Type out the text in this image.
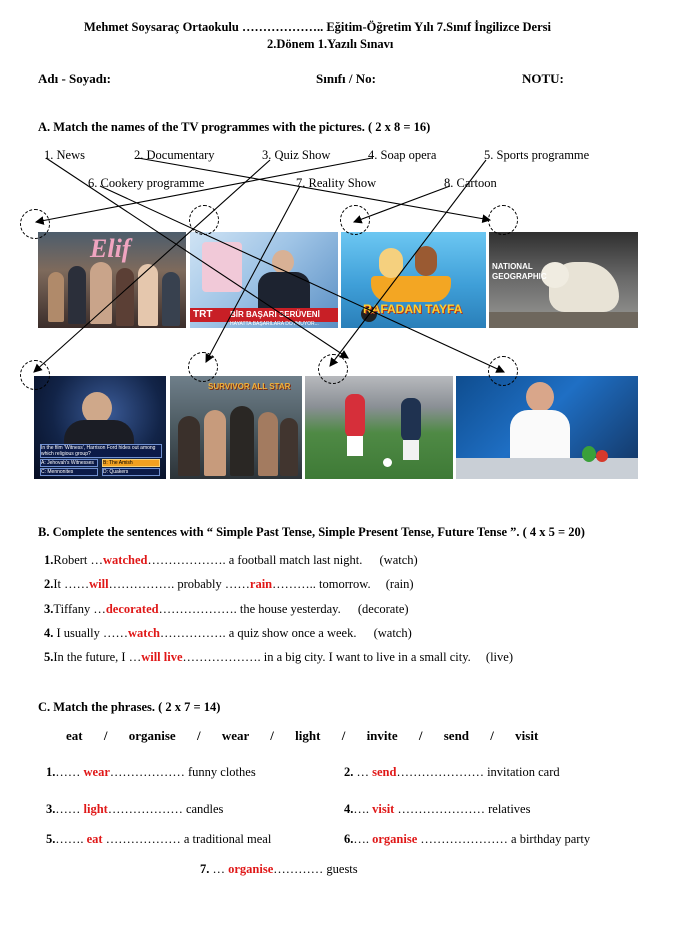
Mehmet Soysaraç Ortaokulu ……………….. Eğitim-Öğretim Yılı 7.Sınıf İngilizce Dersi
2.Dönem 1.Yazılı Sınavı
Adı - Soyadı:	Sınıfı / No:	NOTU:
A. Match the names of the TV programmes with the pictures. ( 2 x 8 = 16)
1. News	2. Documentary	3. Quiz Show	4. Soap opera	5. Sports programme
6. Cookery programme	7. Reality Show	8. Cartoon
Elif
TRT BİR BAŞARI SERÜVENİ
HAYATTA BAŞARILARA DOYMUYOR...
RAFADAN TAYFA
NATIONAL GEOGRAPHIC
In the film 'Witness', Harrison Ford hides out among which religious group?
A: Jehovah's Witnesses	B: The Amish
C: Mennonites	D: Quakers
SURVIVOR ALL STAR
B. Complete the sentences with “ Simple Past Tense, Simple Present Tense, Future Tense ”. ( 4 x 5 = 20)
1.Robert …watched………………. a football match last night. (watch)
2.It ……will……………. probably ……rain……….. tomorrow. (rain)
3.Tiffany …decorated………………. the house yesterday. (decorate)
4. I usually ……watch……………. a quiz show once a week. (watch)
5.In the future, I …will live………………. in a big city. I want to live in a small city. (live)
C. Match the phrases. ( 2 x 7 = 14)
eat / organise / wear / light / invite / send / visit
1.…… wear……………… funny clothes	2. … send………………… invitation card
3.…… light……………… candles	4.…. visit ………………… relatives
5.……. eat ……………… a traditional meal	6.…. organise ………………… a birthday party
7. … organise………… guests
